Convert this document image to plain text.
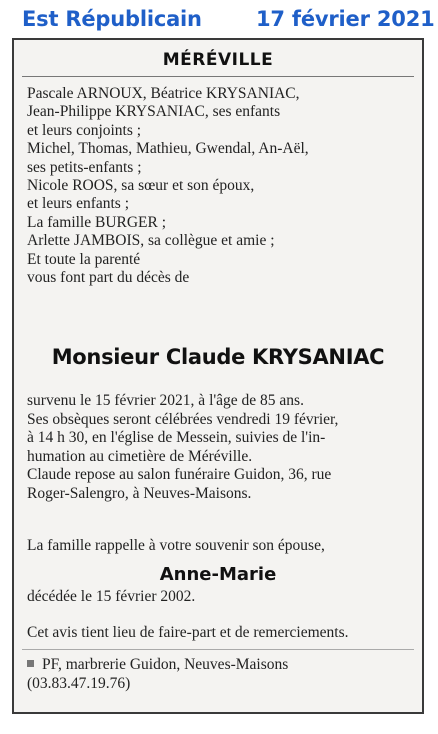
Est Républicain	17 février 2021
MÉRÉVILLE
Pascale ARNOUX, Béatrice KRYSANIAC,
Jean-Philippe KRYSANIAC, ses enfants
et leurs conjoints ;
Michel, Thomas, Mathieu, Gwendal, An-Aël,
ses petits-enfants ;
Nicole ROOS, sa sœur et son époux,
et leurs enfants ;
La famille BURGER ;
Arlette JAMBOIS, sa collègue et amie ;
Et toute la parenté
vous font part du décès de
Monsieur Claude KRYSANIAC
survenu le 15 février 2021, à l'âge de 85 ans.
Ses obsèques seront célébrées vendredi 19 février,
à 14 h 30, en l'église de Messein, suivies de l'in-
humation au cimetière de Méréville.
Claude repose au salon funéraire Guidon, 36, rue
Roger-Salengro, à Neuves-Maisons.
La famille rappelle à votre souvenir son épouse,
Anne-Marie
décédée le 15 février 2002.
Cet avis tient lieu de faire-part et de remerciements.
PF, marbrerie Guidon, Neuves-Maisons
(03.83.47.19.76)
